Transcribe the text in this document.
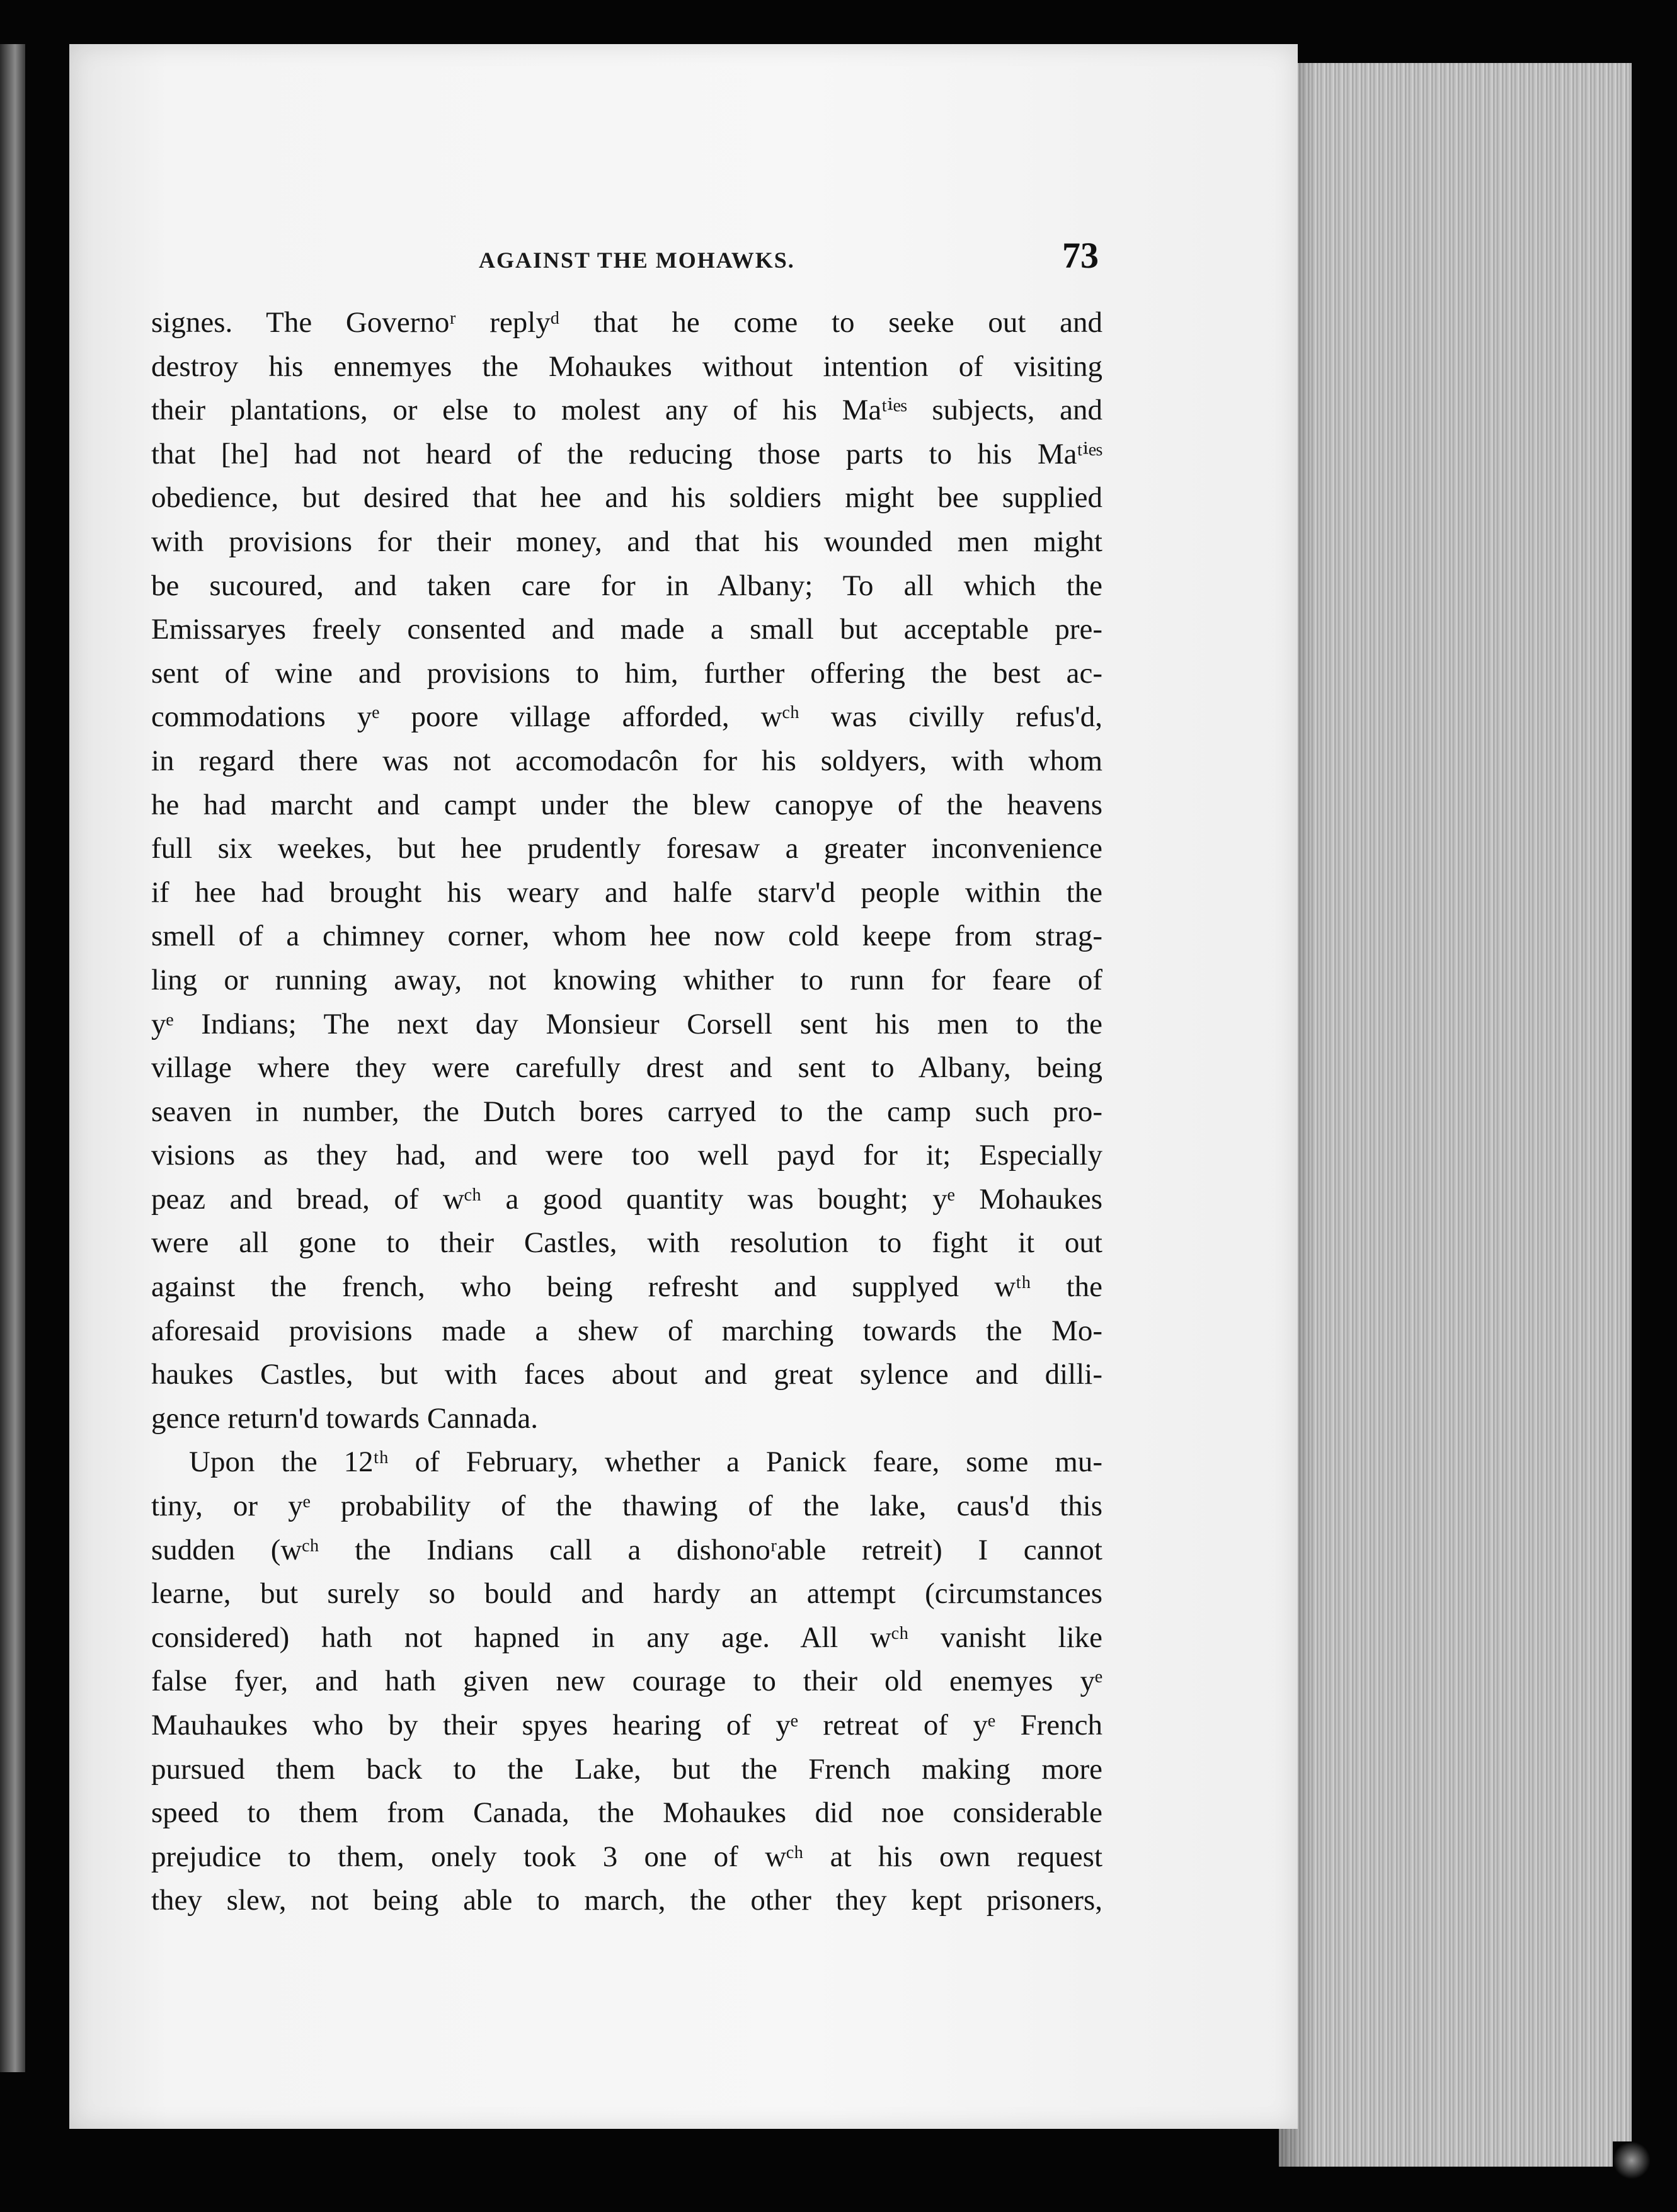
AGAINST THE MOHAWKS.	73
signes. The Governoʳ replyᵈ that he come to seeke out and
destroy his ennemyes the Mohaukes without intention of visiting
their plantations, or else to molest any of his Maᵗⁱᵉˢ subjects, and
that [he] had not heard of the reducing those parts to his Maᵗⁱᵉˢ
obedience, but desired that hee and his soldiers might bee supplied
with provisions for their money, and that his wounded men might
be sucoured, and taken care for in Albany; To all which the
Emissaryes freely consented and made a small but acceptable pre-
sent of wine and provisions to him, further offering the best ac-
commodations yᵉ poore village afforded, wᶜʰ was civilly refus'd,
in regard there was not accomodacôn for his soldyers, with whom
he had marcht and campt under the blew canopye of the heavens
full six weekes, but hee prudently foresaw a greater inconvenience
if hee had brought his weary and halfe starv'd people within the
smell of a chimney corner, whom hee now cold keepe from strag-
ling or running away, not knowing whither to runn for feare of
yᵉ Indians; The next day Monsieur Corsell sent his men to the
village where they were carefully drest and sent to Albany, being
seaven in number, the Dutch bores carryed to the camp such pro-
visions as they had, and were too well payd for it; Especially
peaz and bread, of wᶜʰ a good quantity was bought; yᵉ Mohaukes
were all gone to their Castles, with resolution to fight it out
against the french, who being refresht and supplyed wᵗʰ the
aforesaid provisions made a shew of marching towards the Mo-
haukes Castles, but with faces about and great sylence and dilli-
gence return'd towards Cannada.
Upon the 12ᵗʰ of February, whether a Panick feare, some mu-
tiny, or yᵉ probability of the thawing of the lake, caus'd this
sudden (wᶜʰ the Indians call a dishonoʳable retreit) I cannot
learne, but surely so bould and hardy an attempt (circumstances
considered) hath not hapned in any age. All wᶜʰ vanisht like
false fyer, and hath given new courage to their old enemyes yᵉ
Mauhaukes who by their spyes hearing of yᵉ retreat of yᵉ French
pursued them back to the Lake, but the French making more
speed to them from Canada, the Mohaukes did noe considerable
prejudice to them, onely took 3 one of wᶜʰ at his own request
they slew, not being able to march, the other they kept prisoners,
